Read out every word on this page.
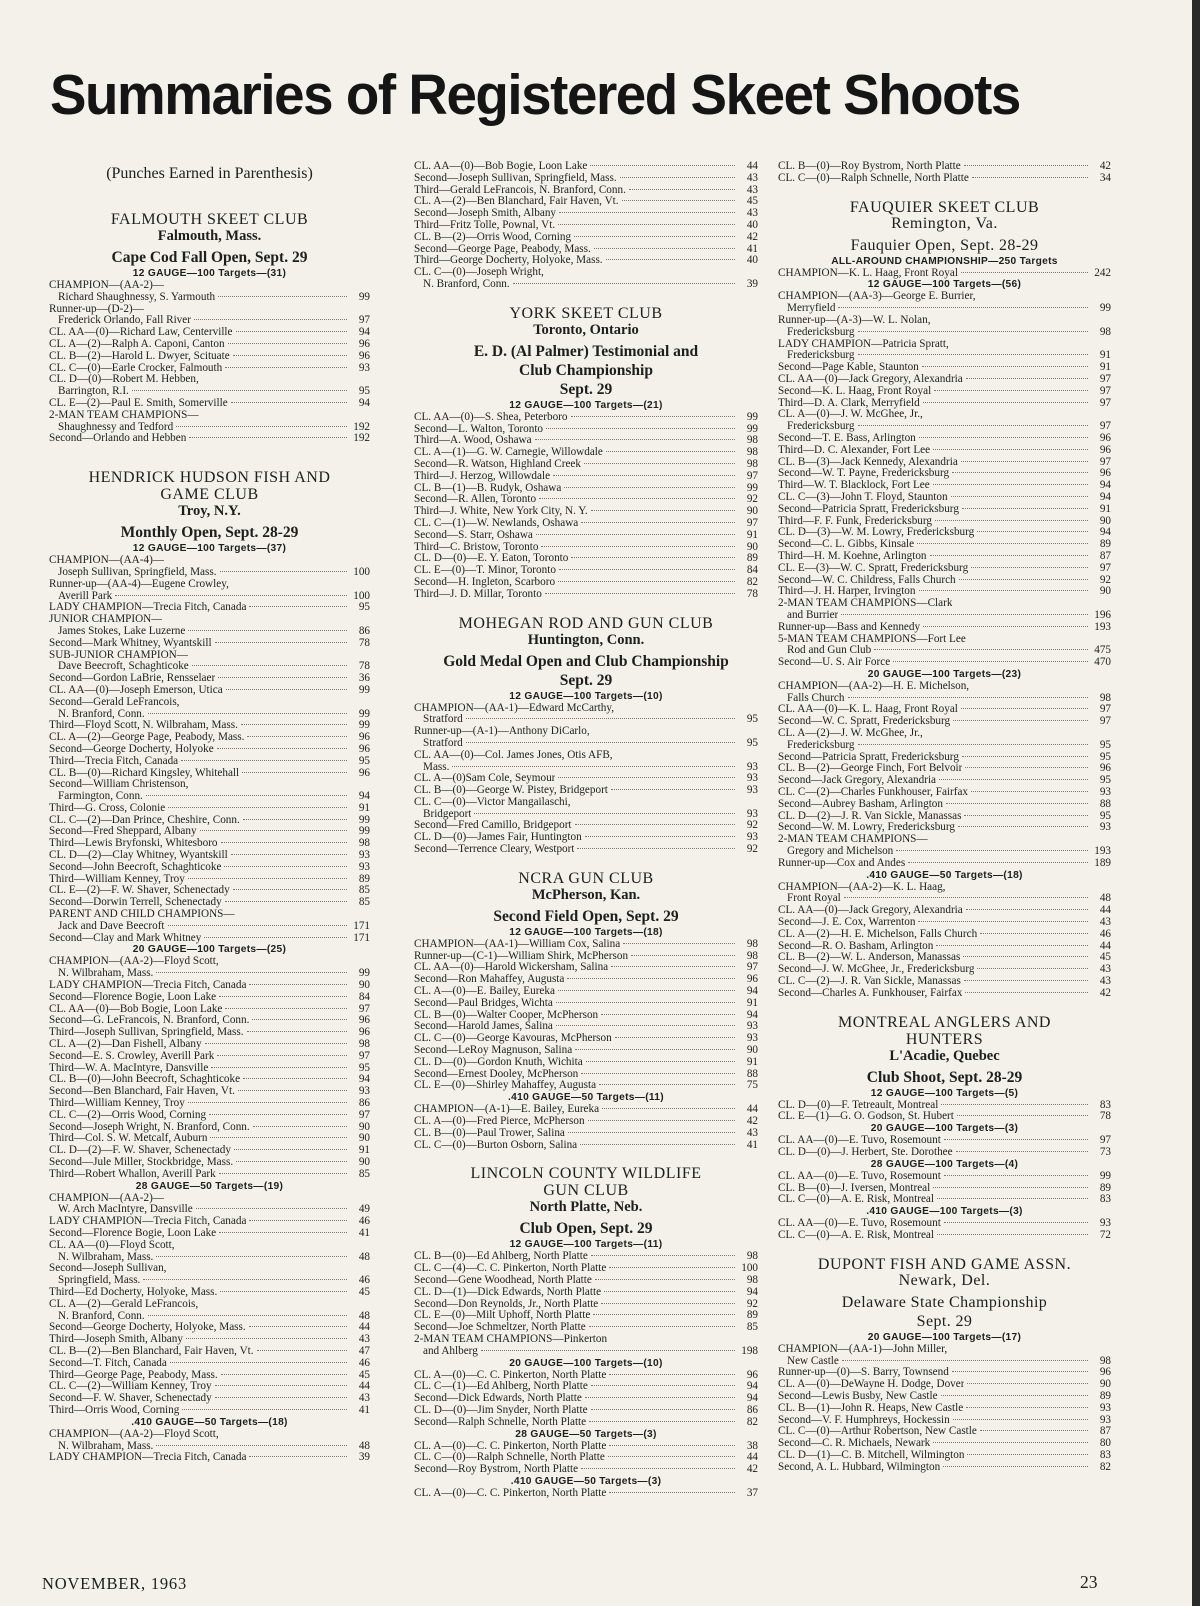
Summaries of Registered Skeet Shoots
(Punches Earned in Parenthesis)
FALMOUTH SKEET CLUB
Falmouth, Mass.
Cape Cod Fall Open, Sept. 29
12 GAUGE—100 Targets—(31)
CHAMPION—(AA-2)—
Richard Shaughnessy, S. Yarmouth	99
Runner-up—(D-2)—
Frederick Orlando, Fall River	97
CL. AA—(0)—Richard Law, Centerville	94
CL. A—(2)—Ralph A. Caponi, Canton	96
CL. B—(2)—Harold L. Dwyer, Scituate	96
CL. C—(0)—Earle Crocker, Falmouth	93
CL. D—(0)—Robert M. Hebben,
Barrington, R.I.	95
CL. E—(2)—Paul E. Smith, Somerville	94
2-MAN TEAM CHAMPIONS—
Shaughnessy and Tedford	192
Second—Orlando and Hebben	192
HENDRICK HUDSON FISH AND
GAME CLUB
Troy, N.Y.
Monthly Open, Sept. 28-29
12 GAUGE—100 Targets—(37)
CHAMPION—(AA-4)—
Joseph Sullivan, Springfield, Mass.	100
Runner-up—(AA-4)—Eugene Crowley,
Averill Park	100
LADY CHAMPION—Trecia Fitch, Canada	95
JUNIOR CHAMPION—
James Stokes, Lake Luzerne	86
Second—Mark Whitney, Wyantskill	78
SUB-JUNIOR CHAMPION—
Dave Beecroft, Schaghticoke	78
Second—Gordon LaBrie, Rensselaer	36
CL. AA—(0)—Joseph Emerson, Utica	99
Second—Gerald LeFrancois,
N. Branford, Conn.	99
Third—Floyd Scott, N. Wilbraham, Mass.	99
CL. A—(2)—George Page, Peabody, Mass.	96
Second—George Docherty, Holyoke	96
Third—Trecia Fitch, Canada	95
CL. B—(0)—Richard Kingsley, Whitehall	96
Second—William Christenson,
Farmington, Conn.	94
Third—G. Cross, Colonie	91
CL. C—(2)—Dan Prince, Cheshire, Conn.	99
Second—Fred Sheppard, Albany	99
Third—Lewis Bryfonski, Whitesboro	98
CL. D—(2)—Clay Whitney, Wyantskill	93
Second—John Beecroft, Schaghticoke	93
Third—William Kenney, Troy	89
CL. E—(2)—F. W. Shaver, Schenectady	85
Second—Dorwin Terrell, Schenectady	85
PARENT AND CHILD CHAMPIONS—
Jack and Dave Beecroft	171
Second—Clay and Mark Whitney	171
20 GAUGE—100 Targets—(25)
CHAMPION—(AA-2)—Floyd Scott,
N. Wilbraham, Mass.	99
LADY CHAMPION—Trecia Fitch, Canada	90
Second—Florence Bogie, Loon Lake	84
CL. AA—(0)—Bob Bogie, Loon Lake	97
Second—G. LeFrancois, N. Branford, Conn.	96
Third—Joseph Sullivan, Springfield, Mass.	96
CL. A—(2)—Dan Fishell, Albany	98
Second—E. S. Crowley, Averill Park	97
Third—W. A. MacIntyre, Dansville	95
CL. B—(0)—John Beecroft, Schaghticoke	94
Second—Ben Blanchard, Fair Haven, Vt.	93
Third—William Kenney, Troy	86
CL. C—(2)—Orris Wood, Corning	97
Second—Joseph Wright, N. Branford, Conn.	90
Third—Col. S. W. Metcalf, Auburn	90
CL. D—(2)—F. W. Shaver, Schenectady	91
Second—Jule Miller, Stockbridge, Mass.	90
Third—Robert Whallon, Averill Park	85
28 GAUGE—50 Targets—(19)
CHAMPION—(AA-2)—
W. Arch MacIntyre, Dansville	49
LADY CHAMPION—Trecia Fitch, Canada	46
Second—Florence Bogie, Loon Lake	41
CL. AA—(0)—Floyd Scott,
N. Wilbraham, Mass.	48
Second—Joseph Sullivan,
Springfield, Mass.	46
Third—Ed Docherty, Holyoke, Mass.	45
CL. A—(2)—Gerald LeFrancois,
N. Branford, Conn.	48
Second—George Docherty, Holyoke, Mass.	44
Third—Joseph Smith, Albany	43
CL. B—(2)—Ben Blanchard, Fair Haven, Vt.	47
Second—T. Fitch, Canada	46
Third—George Page, Peabody, Mass.	45
CL. C—(2)—William Kenney, Troy	44
Second—F. W. Shaver, Schenectady	43
Third—Orris Wood, Corning	41
.410 GAUGE—50 Targets—(18)
CHAMPION—(AA-2)—Floyd Scott,
N. Wilbraham, Mass.	48
LADY CHAMPION—Trecia Fitch, Canada	39
CL. AA—(0)—Bob Bogie, Loon Lake	44
Second—Joseph Sullivan, Springfield, Mass.	43
Third—Gerald LeFrancois, N. Branford, Conn.	43
CL. A—(2)—Ben Blanchard, Fair Haven, Vt.	45
Second—Joseph Smith, Albany	43
Third—Fritz Tolle, Pownal, Vt.	40
CL. B—(2)—Orris Wood, Corning	42
Second—George Page, Peabody, Mass.	41
Third—George Docherty, Holyoke, Mass.	40
CL. C—(0)—Joseph Wright,
N. Branford, Conn.	39
YORK SKEET CLUB
Toronto, Ontario
E. D. (Al Palmer) Testimonial and
Club Championship
Sept. 29
12 GAUGE—100 Targets—(21)
CL. AA—(0)—S. Shea, Peterboro	99
Second—L. Walton, Toronto	99
Third—A. Wood, Oshawa	98
CL. A—(1)—G. W. Carnegie, Willowdale	98
Second—R. Watson, Highland Creek	98
Third—J. Herzog, Willowdale	97
CL. B—(1)—B. Rudyk, Oshawa	99
Second—R. Allen, Toronto	92
Third—J. White, New York City, N. Y.	90
CL. C—(1)—W. Newlands, Oshawa	97
Second—S. Starr, Oshawa	91
Third—C. Bristow, Toronto	90
CL. D—(0)—E. Y. Eaton, Toronto	89
CL. E—(0)—T. Minor, Toronto	84
Second—H. Ingleton, Scarboro	82
Third—J. D. Millar, Toronto	78
MOHEGAN ROD AND GUN CLUB
Huntington, Conn.
Gold Medal Open and Club Championship
Sept. 29
12 GAUGE—100 Targets—(10)
CHAMPION—(AA-1)—Edward McCarthy,
Stratford	95
Runner-up—(A-1)—Anthony DiCarlo,
Stratford	95
CL. AA—(0)—Col. James Jones, Otis AFB,
Mass.	93
CL. A—(0)Sam Cole, Seymour	93
CL. B—(0)—George W. Pistey, Bridgeport	93
CL. C—(0)—Victor Mangailaschi,
Bridgeport	93
Second—Fred Camillo, Bridgeport	92
CL. D—(0)—James Fair, Huntington	93
Second—Terrence Cleary, Westport	92
NCRA GUN CLUB
McPherson, Kan.
Second Field Open, Sept. 29
12 GAUGE—100 Targets—(18)
CHAMPION—(AA-1)—William Cox, Salina	98
Runner-up—(C-1)—William Shirk, McPherson	98
CL. AA—(0)—Harold Wickersham, Salina	97
Second—Ron Mahaffey, Augusta	96
CL. A—(0)—E. Bailey, Eureka	94
Second—Paul Bridges, Wichta	91
CL. B—(0)—Walter Cooper, McPherson	94
Second—Harold James, Salina	93
CL. C—(0)—George Kavouras, McPherson	93
Second—LeRoy Magnuson, Salina	90
CL. D—(0)—Gordon Knuth, Wichita	91
Second—Ernest Dooley, McPherson	88
CL. E—(0)—Shirley Mahaffey, Augusta	75
.410 GAUGE—50 Targets—(11)
CHAMPION—(A-1)—E. Bailey, Eureka	44
CL. A—(0)—Fred Pierce, McPherson	42
CL. B—(0)—Paul Trower, Salina	43
CL. C—(0)—Burton Osborn, Salina	41
LINCOLN COUNTY WILDLIFE
GUN CLUB
North Platte, Neb.
Club Open, Sept. 29
12 GAUGE—100 Targets—(11)
CL. B—(0)—Ed Ahlberg, North Platte	98
CL. C—(4)—C. C. Pinkerton, North Platte	100
Second—Gene Woodhead, North Platte	98
CL. D—(1)—Dick Edwards, North Platte	94
Second—Don Reynolds, Jr., North Platte	92
CL. E—(0)—Milt Uphoff, North Platte	89
Second—Joe Schmeltzer, North Platte	85
2-MAN TEAM CHAMPIONS—Pinkerton
and Ahlberg	198
20 GAUGE—100 Targets—(10)
CL. A—(0)—C. C. Pinkerton, North Platte	96
CL. C—(1)—Ed Ahlberg, North Platte	94
Second—Dick Edwards, North Platte	94
CL. D—(0)—Jim Snyder, North Platte	86
Second—Ralph Schnelle, North Platte	82
28 GAUGE—50 Targets—(3)
CL. A—(0)—C. C. Pinkerton, North Platte	38
CL. C—(0)—Ralph Schnelle, North Platte	44
Second—Roy Bystrom, North Platte	42
.410 GAUGE—50 Targets—(3)
CL. A—(0)—C. C. Pinkerton, North Platte	37
CL. B—(0)—Roy Bystrom, North Platte	42
CL. C—(0)—Ralph Schnelle, North Platte	34
FAUQUIER SKEET CLUB
Remington, Va.
Fauquier Open, Sept. 28-29
ALL-AROUND CHAMPIONSHIP—250 Targets
CHAMPION—K. L. Haag, Front Royal	242
12 GAUGE—100 Targets—(56)
CHAMPION—(AA-3)—George E. Burrier,
Merryfield	99
Runner-up—(A-3)—W. L. Nolan,
Fredericksburg	98
LADY CHAMPION—Patricia Spratt,
Fredericksburg	91
Second—Page Kable, Staunton	91
CL. AA—(0)—Jack Gregory, Alexandria	97
Second—K. L. Haag, Front Royal	97
Third—D. A. Clark, Merryfield	97
CL. A—(0)—J. W. McGhee, Jr.,
Fredericksburg	97
Second—T. E. Bass, Arlington	96
Third—D. C. Alexander, Fort Lee	96
CL. B—(3)—Jack Kennedy, Alexandria	97
Second—W. T. Payne, Fredericksburg	96
Third—W. T. Blacklock, Fort Lee	94
CL. C—(3)—John T. Floyd, Staunton	94
Second—Patricia Spratt, Fredericksburg	91
Third—F. F. Funk, Fredericksburg	90
CL. D—(3)—W. M. Lowry, Fredericksburg	94
Second—C. L. Gibbs, Kinsale	89
Third—H. M. Koehne, Arlington	87
CL. E—(3)—W. C. Spratt, Fredericksburg	97
Second—W. C. Childress, Falls Church	92
Third—J. H. Harper, Irvington	90
2-MAN TEAM CHAMPIONS—Clark
and Burrier	196
Runner-up—Bass and Kennedy	193
5-MAN TEAM CHAMPIONS—Fort Lee
Rod and Gun Club	475
Second—U. S. Air Force	470
20 GAUGE—100 Targets—(23)
CHAMPION—(AA-2)—H. E. Michelson,
Falls Church	98
CL. AA—(0)—K. L. Haag, Front Royal	97
Second—W. C. Spratt, Fredericksburg	97
CL. A—(2)—J. W. McGhee, Jr.,
Fredericksburg	95
Second—Patricia Spratt, Fredericksburg	95
CL. B—(2)—George Finch, Fort Belvoir	96
Second—Jack Gregory, Alexandria	95
CL. C—(2)—Charles Funkhouser, Fairfax	93
Second—Aubrey Basham, Arlington	88
CL. D—(2)—J. R. Van Sickle, Manassas	95
Second—W. M. Lowry, Fredericksburg	93
2-MAN TEAM CHAMPIONS—
Gregory and Michelson	193
Runner-up—Cox and Andes	189
.410 GAUGE—50 Targets—(18)
CHAMPION—(AA-2)—K. L. Haag,
Front Royal	48
CL. AA—(0)—Jack Gregory, Alexandria	44
Second—J. E. Cox, Warrenton	43
CL. A—(2)—H. E. Michelson, Falls Church	46
Second—R. O. Basham, Arlington	44
CL. B—(2)—W. L. Anderson, Manassas	45
Second—J. W. McGhee, Jr., Fredericksburg	43
CL. C—(2)—J. R. Van Sickle, Manassas	43
Second—Charles A. Funkhouser, Fairfax	42
MONTREAL ANGLERS AND
HUNTERS
L'Acadie, Quebec
Club Shoot, Sept. 28-29
12 GAUGE—100 Targets—(5)
CL. D—(0)—F. Tetreault, Montreal	83
CL. E—(1)—G. O. Godson, St. Hubert	78
20 GAUGE—100 Targets—(3)
CL. AA—(0)—E. Tuvo, Rosemount	97
CL. D—(0)—J. Herbert, Ste. Dorothee	73
28 GAUGE—100 Targets—(4)
CL. AA—(0)—E. Tuvo, Rosemount	99
CL. B—(0)—J. Iversen, Montreal	89
CL. C—(0)—A. E. Risk, Montreal	83
.410 GAUGE—100 Targets—(3)
CL. AA—(0)—E. Tuvo, Rosemount	93
CL. C—(0)—A. E. Risk, Montreal	72
DUPONT FISH AND GAME ASSN.
Newark, Del.
Delaware State Championship
Sept. 29
20 GAUGE—100 Targets—(17)
CHAMPION—(AA-1)—John Miller,
New Castle	98
Runner-up—(0)—S. Barry, Townsend	96
CL. A—(0)—DeWayne H. Dodge, Dover	90
Second—Lewis Busby, New Castle	89
CL. B—(1)—John R. Heaps, New Castle	93
Second—V. F. Humphreys, Hockessin	93
CL. C—(0)—Arthur Robertson, New Castle	87
Second—C. R. Michaels, Newark	80
CL. D—(1)—C. B. Mitchell, Wilmington	83
Second, A. L. Hubbard, Wilmington	82
NOVEMBER, 1963	23
